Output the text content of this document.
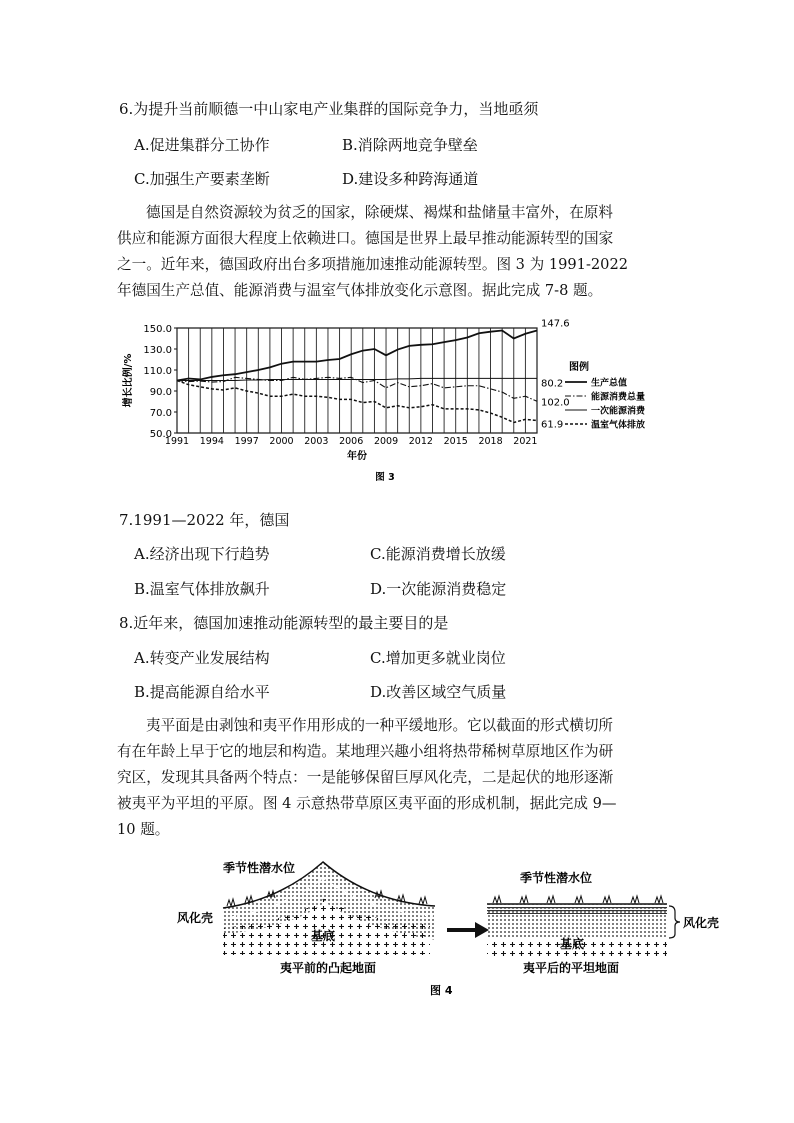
6.为提升当前顺德一中山家电产业集群的国际竞争力，当地亟须
A.促进集群分工协作	B.消除两地竞争壁垒
C.加强生产要素垄断	D.建设多种跨海通道

德国是自然资源较为贫乏的国家，除硬煤、褐煤和盐储量丰富外，在原料

供应和能源方面很大程度上依赖进口。德国是世界上最早推动能源转型的国家

之一。近年来，德国政府出台多项措施加速推动能源转型。图 3 为 1991-2022

年德国生产总值、能源消费与温室气体排放变化示意图。据此完成 7-8 题。

150.0
130.0
110.0
90.0
70.0
50.0
1991 1994 1997 2000 2003 2006 2009 2012 2015 2018 2021
增长比例/%
年份
147.6
102.0
80.2
61.9
图例
生产总值
能源消费总量
一次能源消费
温室气体排放
图 3
7.1991—2022 年，德国
A.经济出现下行趋势	C.能源消费增长放缓
B.温室气体排放飙升	D.一次能源消费稳定
8.近年来，德国加速推动能源转型的最主要目的是
A.转变产业发展结构	C.增加更多就业岗位
B.提高能源自给水平	D.改善区域空气质量

夷平面是由剥蚀和夷平作用形成的一种平缓地形。它以截面的形式横切所

有在年龄上早于它的地层和构造。某地理兴趣小组将热带稀树草原地区作为研

究区，发现其具备两个特点：一是能够保留巨厚风化壳，二是起伏的地形逐渐

被夷平为平坦的平原。图 4 示意热带草原区夷平面的形成机制，据此完成 9—

10 题。

季节性潜水位
风化壳
基底
夷平前的凸起地面
季节性潜水位
风化壳
基底
夷平后的平坦地面
图 4
